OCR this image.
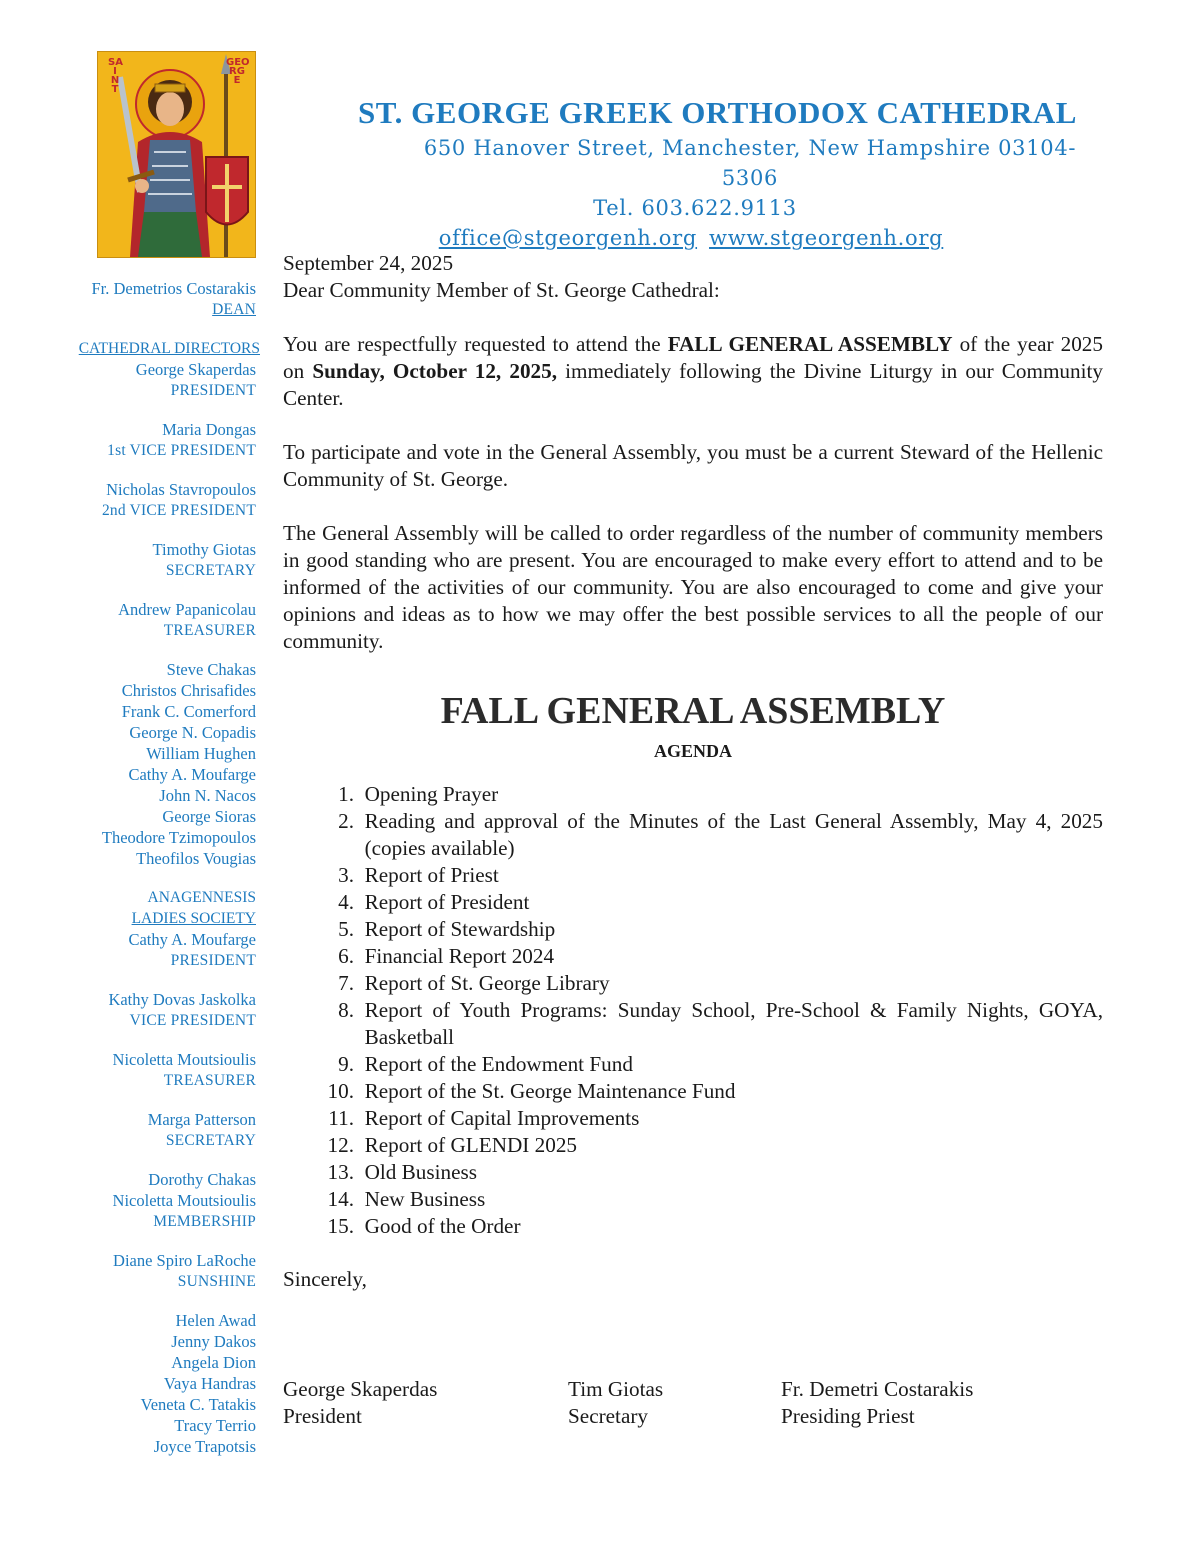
SA
I
N
T
GEO
RG
E
ST. GEORGE GREEK ORTHODOX CATHEDRAL
650 Hanover Street, Manchester, New Hampshire 03104-5306
Tel. 603.622.9113
office@stgeorgenh.org www.stgeorgenh.org
Fr. Demetrios Costarakis
DEAN
CATHEDRAL DIRECTORS
George Skaperdas
PRESIDENT
Maria Dongas
1st VICE PRESIDENT
Nicholas Stavropoulos
2nd VICE PRESIDENT
Timothy Giotas
SECRETARY
Andrew Papanicolau
TREASURER
Steve Chakas
Christos Chrisafides
Frank C. Comerford
George N. Copadis
William Hughen
Cathy A. Moufarge
John N. Nacos
George Sioras
Theodore Tzimopoulos
Theofilos Vougias
ANAGENNESIS
LADIES SOCIETY
Cathy A. Moufarge
PRESIDENT
Kathy Dovas Jaskolka
VICE PRESIDENT
Nicoletta Moutsioulis
TREASURER
Marga Patterson
SECRETARY
Dorothy Chakas
Nicoletta Moutsioulis
MEMBERSHIP
Diane Spiro LaRoche
SUNSHINE
Helen Awad
Jenny Dakos
Angela Dion
Vaya Handras
Veneta C. Tatakis
Tracy Terrio
Joyce Trapotsis

September 24, 2025

Dear Community Member of St. George Cathedral:

You are respectfully requested to attend the FALL GENERAL ASSEMBLY of the year 2025 on Sunday, October 12, 2025, immediately following the Divine Liturgy in our Community Center.

To participate and vote in the General Assembly, you must be a current Steward of the Hellenic Community of St. George.

The General Assembly will be called to order regardless of the number of community members in good standing who are present. You are encouraged to make every effort to attend and to be informed of the activities of our community. You are also encouraged to come and give your opinions and ideas as to how we may offer the best possible services to all the people of our community.

FALL GENERAL ASSEMBLY
AGENDA
1.
Opening Prayer
2.
Reading and approval of the Minutes of the Last General Assembly, May 4, 2025 (copies available)
3.
Report of Priest
4.
Report of President
5.
Report of Stewardship
6.
Financial Report 2024
7.
Report of St. George Library
8.
Report of Youth Programs: Sunday School, Pre-School & Family Nights, GOYA, Basketball
9.
Report of the Endowment Fund
10.
Report of the St. George Maintenance Fund
11.
Report of Capital Improvements
12.
Report of GLENDI 2025
13.
Old Business
14.
New Business
15.
Good of the Order

Sincerely,

George Skaperdas
President
Tim Giotas
Secretary
Fr. Demetri Costarakis
Presiding Priest
